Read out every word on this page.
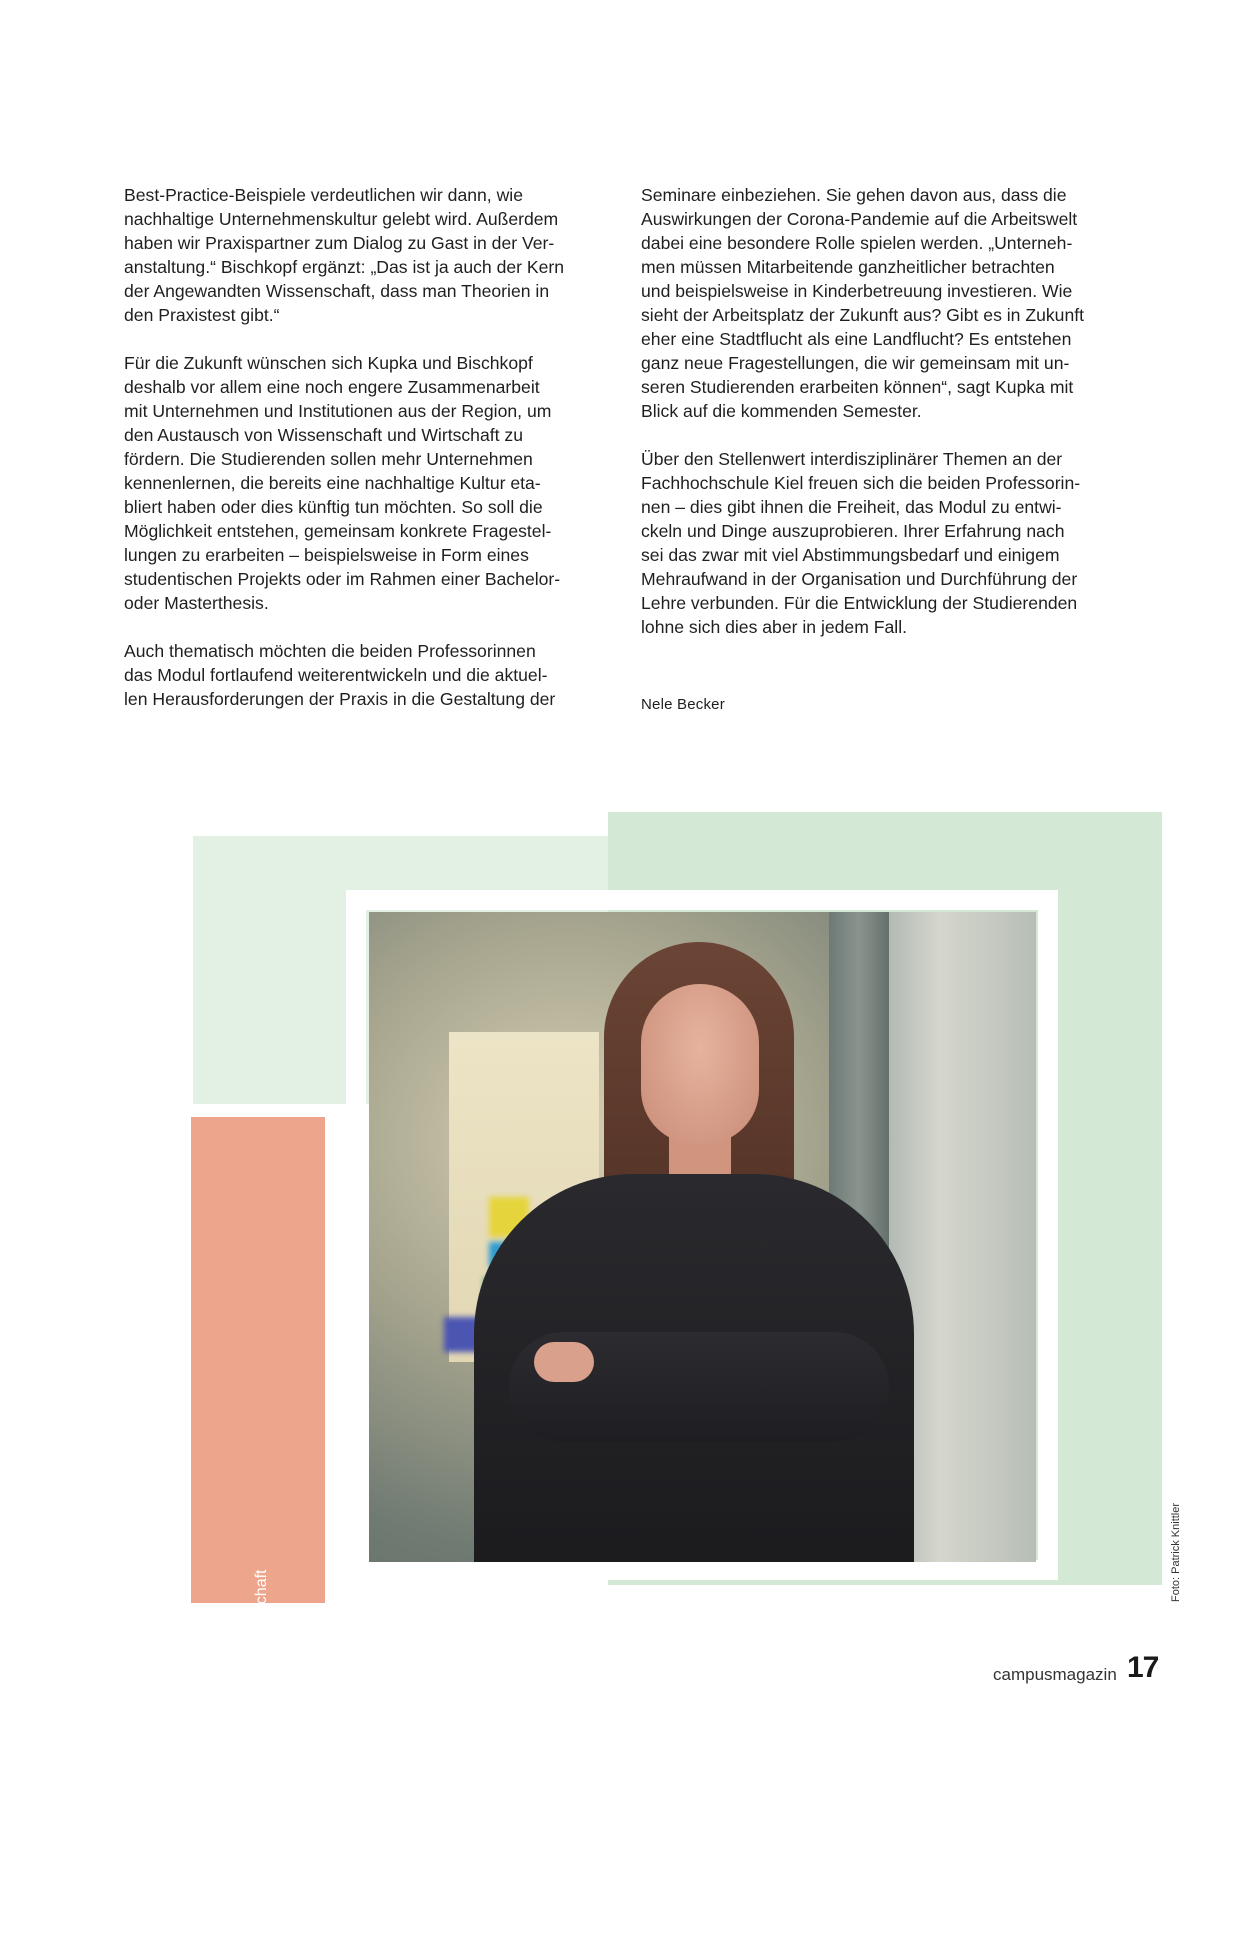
Best-Practice-Beispiele verdeutlichen wir dann, wie
nachhaltige Unternehmenskultur gelebt wird. Außerdem
haben wir Praxispartner zum Dialog zu Gast in der Ver-
anstaltung.“ Bischkopf ergänzt: „Das ist ja auch der Kern
der Angewandten Wissenschaft, dass man Theorien in
den Praxistest gibt.“

Für die Zukunft wünschen sich Kupka und Bischkopf
deshalb vor allem eine noch engere Zusammenarbeit
mit Unternehmen und Institutionen aus der Region, um
den Austausch von Wissenschaft und Wirtschaft zu
fördern. Die Studierenden sollen mehr Unternehmen
kennenlernen, die bereits eine nachhaltige Kultur eta-
bliert haben oder dies künftig tun möchten. So soll die
Möglichkeit entstehen, gemeinsam konkrete Fragestel-
lungen zu erarbeiten – beispielsweise in Form eines
studentischen Projekts oder im Rahmen einer Bachelor-
oder Masterthesis.

Auch thematisch möchten die beiden Professorinnen
das Modul fortlaufend weiterentwickeln und die aktuel-
len Herausforderungen der Praxis in die Gestaltung der

Seminare einbeziehen. Sie gehen davon aus, dass die
Auswirkungen der Corona-Pandemie auf die Arbeitswelt
dabei eine besondere Rolle spielen werden. „Unterneh-
men müssen Mitarbeitende ganzheitlicher betrachten
und beispielsweise in Kinderbetreuung investieren. Wie
sieht der Arbeitsplatz der Zukunft aus? Gibt es in Zukunft
eher eine Stadtflucht als eine Landflucht? Es entstehen
ganz neue Fragestellungen, die wir gemeinsam mit un-
seren Studierenden erarbeiten können“, sagt Kupka mit
Blick auf die kommenden Semester.

Über den Stellenwert interdisziplinärer Themen an der
Fachhochschule Kiel freuen sich die beiden Professorin-
nen – dies gibt ihnen die Freiheit, das Modul zu entwi-
ckeln und Dinge auszuprobieren. Ihrer Erfahrung nach
sei das zwar mit viel Abstimmungsbedarf und einigem
Mehraufwand in der Organisation und Durchführung der
Lehre verbunden. Für die Entwicklung der Studierenden
lohne sich dies aber in jedem Fall.

Nele Becker
Prof. Dr. Natascha Kupka Natascha Kupka ist seit 2008 Professorin für Wirt-
schafts- und Insolvenzrecht am Fachbereich Wirtschaft
der Fachhochschule Kiel.
Foto: Patrick Knittler
campusmagazin 17
